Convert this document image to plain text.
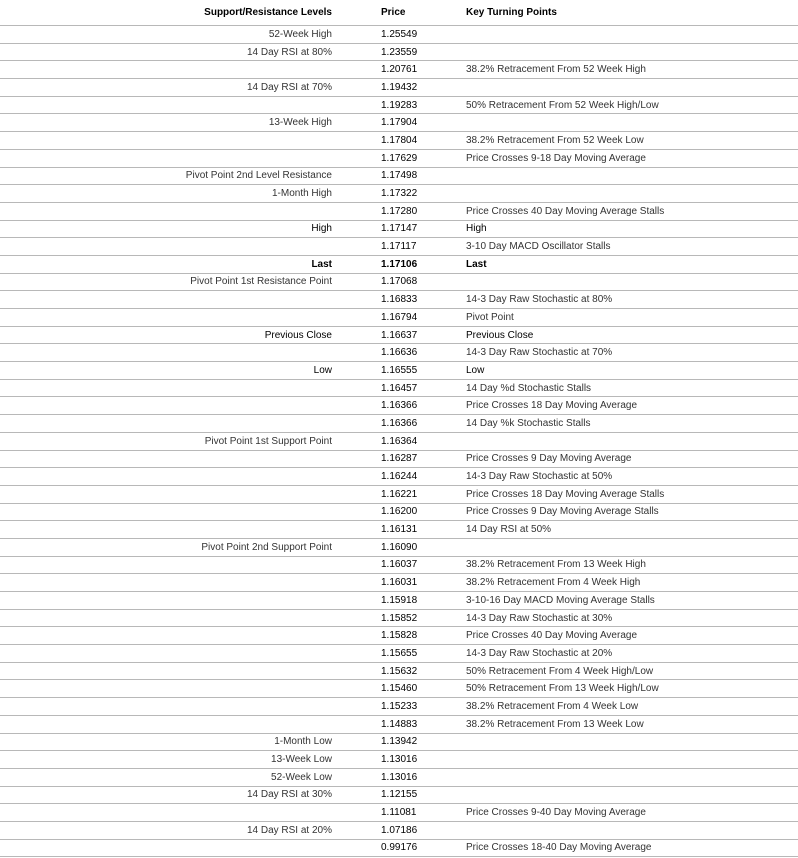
Support/Resistance Levels	Price	Key Turning Points
52-Week High	1.25549	
14 Day RSI at 80%	1.23559	
	1.20761	38.2% Retracement From 52 Week High
14 Day RSI at 70%	1.19432	
	1.19283	50% Retracement From 52 Week High/Low
13-Week High	1.17904	
	1.17804	38.2% Retracement From 52 Week Low
	1.17629	Price Crosses 9-18 Day Moving Average
Pivot Point 2nd Level Resistance	1.17498	
1-Month High	1.17322	
	1.17280	Price Crosses 40 Day Moving Average Stalls
High	1.17147	High
	1.17117	3-10 Day MACD Oscillator Stalls
Last	1.17106	Last
Pivot Point 1st Resistance Point	1.17068	
	1.16833	14-3 Day Raw Stochastic at 80%
	1.16794	Pivot Point
Previous Close	1.16637	Previous Close
	1.16636	14-3 Day Raw Stochastic at 70%
Low	1.16555	Low
	1.16457	14 Day %d Stochastic Stalls
	1.16366	Price Crosses 18 Day Moving Average
	1.16366	14 Day %k Stochastic Stalls
Pivot Point 1st Support Point	1.16364	
	1.16287	Price Crosses 9 Day Moving Average
	1.16244	14-3 Day Raw Stochastic at 50%
	1.16221	Price Crosses 18 Day Moving Average Stalls
	1.16200	Price Crosses 9 Day Moving Average Stalls
	1.16131	14 Day RSI at 50%
Pivot Point 2nd Support Point	1.16090	
	1.16037	38.2% Retracement From 13 Week High
	1.16031	38.2% Retracement From 4 Week High
	1.15918	3-10-16 Day MACD Moving Average Stalls
	1.15852	14-3 Day Raw Stochastic at 30%
	1.15828	Price Crosses 40 Day Moving Average
	1.15655	14-3 Day Raw Stochastic at 20%
	1.15632	50% Retracement From 4 Week High/Low
	1.15460	50% Retracement From 13 Week High/Low
	1.15233	38.2% Retracement From 4 Week Low
	1.14883	38.2% Retracement From 13 Week Low
1-Month Low	1.13942	
13-Week Low	1.13016	
52-Week Low	1.13016	
14 Day RSI at 30%	1.12155	
	1.11081	Price Crosses 9-40 Day Moving Average
14 Day RSI at 20%	1.07186	
	0.99176	Price Crosses 18-40 Day Moving Average
